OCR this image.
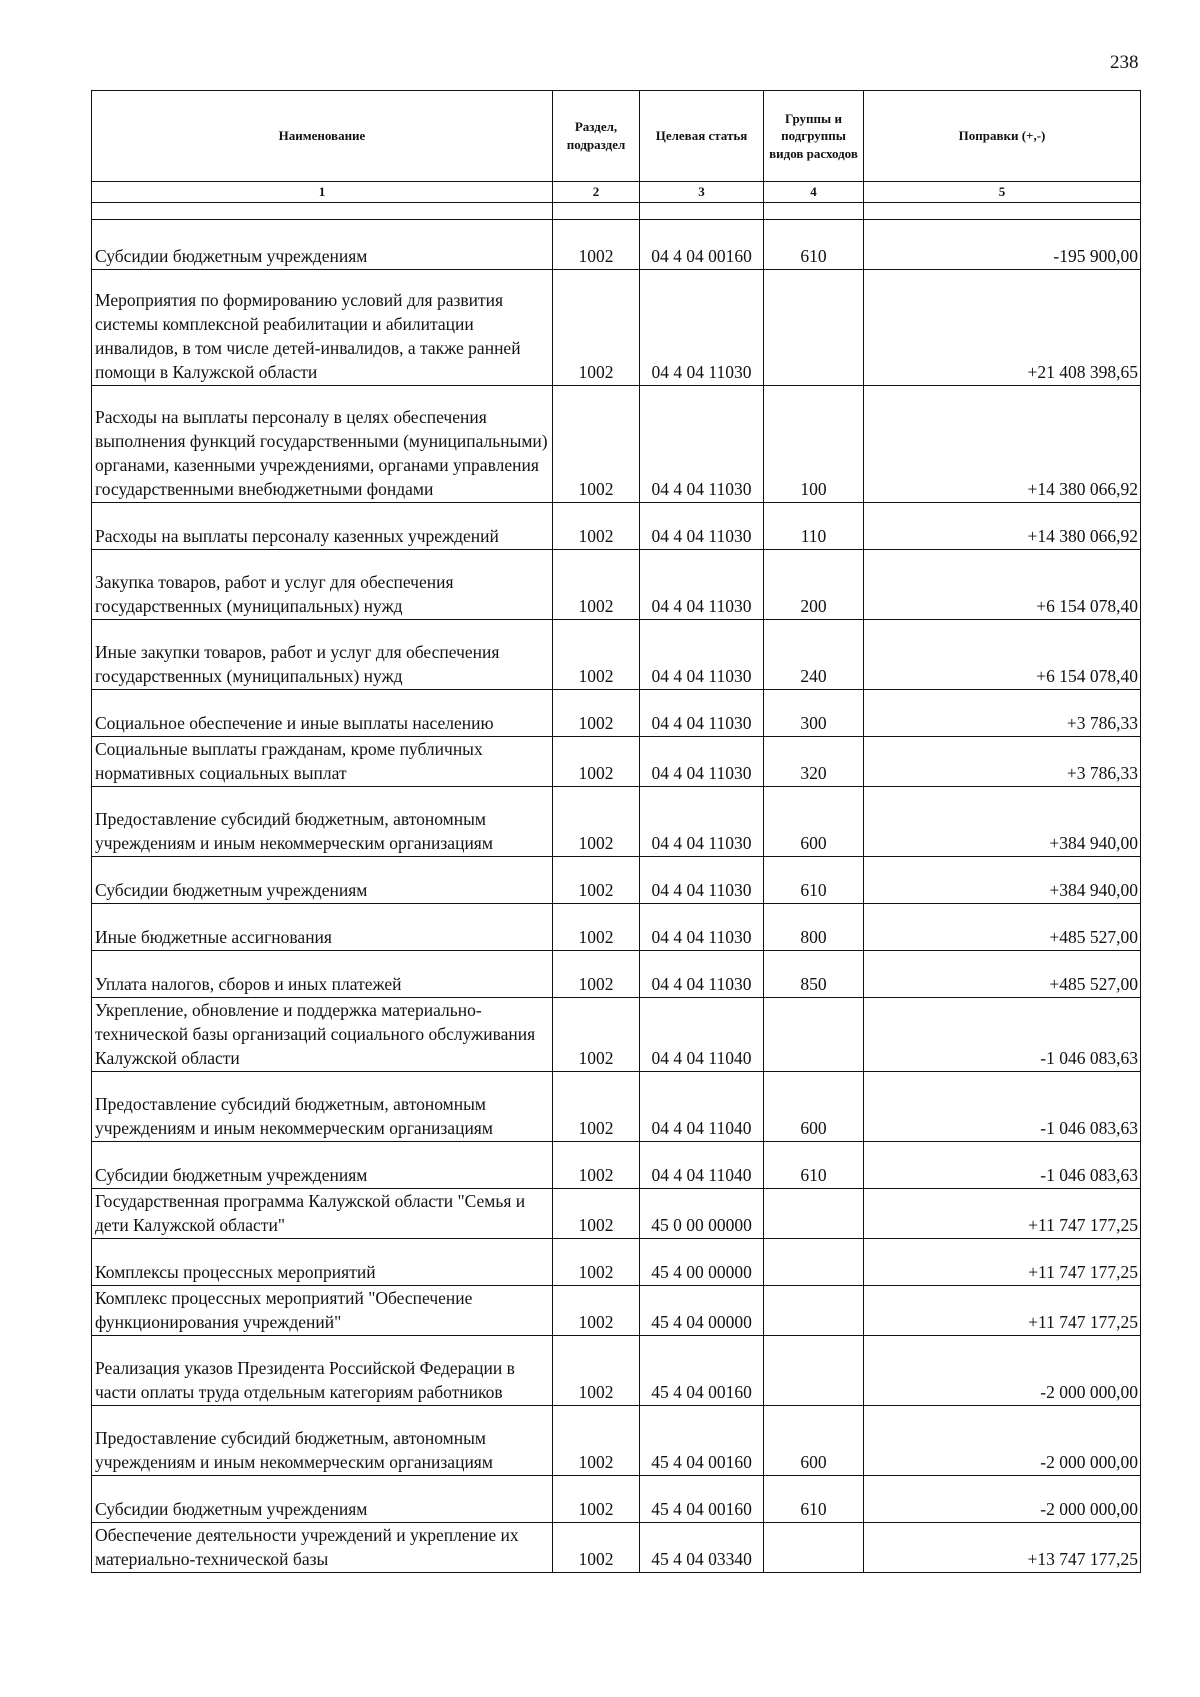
238
Наименование	Раздел, подраздел	Целевая статья	Группы и подгруппы видов расходов	Поправки (+,-)
1	2	3	4	5

Субсидии бюджетным учреждениям	1002	04 4 04 00160	610	-195 900,00
Мероприятия по формированию условий для развития системы комплексной реабилитации и абилитации инвалидов, в том числе детей-инвалидов, а также ранней помощи в Калужской области	1002	04 4 04 11030		+21 408 398,65
Расходы на выплаты персоналу в целях обеспечения выполнения функций государственными (муниципальными) органами, казенными учреждениями, органами управления государственными внебюджетными фондами	1002	04 4 04 11030	100	+14 380 066,92
Расходы на выплаты персоналу казенных учреждений	1002	04 4 04 11030	110	+14 380 066,92
Закупка товаров, работ и услуг для обеспечения государственных (муниципальных) нужд	1002	04 4 04 11030	200	+6 154 078,40
Иные закупки товаров, работ и услуг для обеспечения государственных (муниципальных) нужд	1002	04 4 04 11030	240	+6 154 078,40
Социальное обеспечение и иные выплаты населению	1002	04 4 04 11030	300	+3 786,33
Социальные выплаты гражданам, кроме публичных нормативных социальных выплат	1002	04 4 04 11030	320	+3 786,33
Предоставление субсидий бюджетным, автономным учреждениям и иным некоммерческим организациям	1002	04 4 04 11030	600	+384 940,00
Субсидии бюджетным учреждениям	1002	04 4 04 11030	610	+384 940,00
Иные бюджетные ассигнования	1002	04 4 04 11030	800	+485 527,00
Уплата налогов, сборов и иных платежей	1002	04 4 04 11030	850	+485 527,00
Укрепление, обновление и поддержка материально-технической базы организаций социального обслуживания Калужской области	1002	04 4 04 11040		-1 046 083,63
Предоставление субсидий бюджетным, автономным учреждениям и иным некоммерческим организациям	1002	04 4 04 11040	600	-1 046 083,63
Субсидии бюджетным учреждениям	1002	04 4 04 11040	610	-1 046 083,63
Государственная программа Калужской области "Семья и дети Калужской области"	1002	45 0 00 00000		+11 747 177,25
Комплексы процессных мероприятий	1002	45 4 00 00000		+11 747 177,25
Комплекс процессных мероприятий "Обеспечение функционирования учреждений"	1002	45 4 04 00000		+11 747 177,25
Реализация указов Президента Российской Федерации в части оплаты труда отдельным категориям работников	1002	45 4 04 00160		-2 000 000,00
Предоставление субсидий бюджетным, автономным учреждениям и иным некоммерческим организациям	1002	45 4 04 00160	600	-2 000 000,00
Субсидии бюджетным учреждениям	1002	45 4 04 00160	610	-2 000 000,00
Обеспечение деятельности учреждений и укрепление их материально-технической базы	1002	45 4 04 03340		+13 747 177,25
